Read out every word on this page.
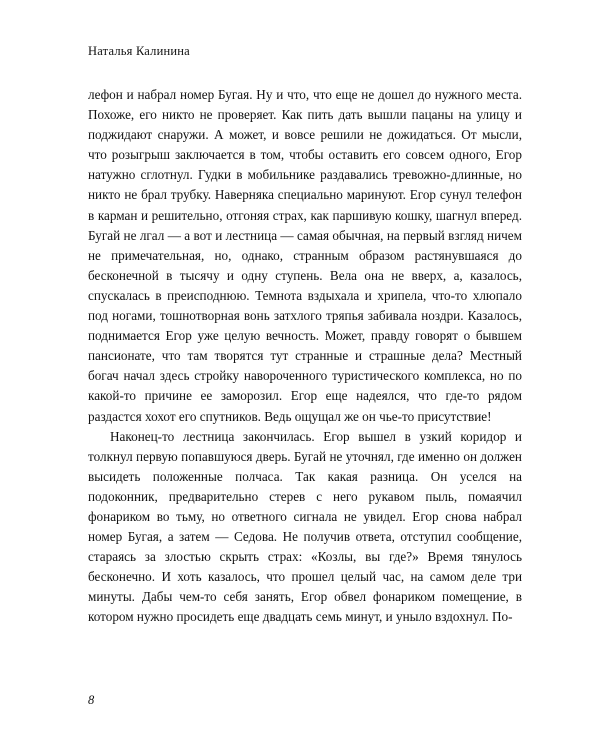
Наталья Калинина

лефон и набрал номер Бугая. Ну и что, что еще не дошел до нужного места. Похоже, его никто не проверяет. Как пить дать вышли пацаны на улицу и поджидают снаружи. А может, и вовсе решили не дожидаться. От мысли, что розыгрыш заключается в том, чтобы оставить его совсем одного, Егор натужно сглотнул. Гудки в мобильнике раздавались тревожно-длинные, но никто не брал трубку. Наверняка специально маринуют. Егор сунул телефон в карман и решительно, отгоняя страх, как паршивую кошку, шагнул вперед. Бугай не лгал — а вот и лестница — самая обычная, на первый взгляд ничем не примечательная, но, однако, странным образом растянувшаяся до бесконечной в тысячу и одну ступень. Вела она не вверх, а, казалось, спускалась в преисподнюю. Темнота вздыхала и хрипела, что-то хлюпало под ногами, тошнотворная вонь затхлого тряпья забивала ноздри. Казалось, поднимается Егор уже целую вечность. Может, правду говорят о бывшем пансионате, что там творятся тут странные и страшные дела? Местный богач начал здесь стройку навороченного туристического комплекса, но по какой-то причине ее заморозил. Егор еще надеялся, что где-то рядом раздастся хохот его спутников. Ведь ощущал же он чье-то присутствие!

Наконец-то лестница закончилась. Егор вышел в узкий коридор и толкнул первую попавшуюся дверь. Бугай не уточнял, где именно он должен высидеть положенные полчаса. Так какая разница. Он уселся на подоконник, предварительно стерев с него рукавом пыль, помаячил фонариком во тьму, но ответного сигнала не увидел. Егор снова набрал номер Бугая, а затем — Седова. Не получив ответа, отступил сообщение, стараясь за злостью скрыть страх: «Козлы, вы где?» Время тянулось бесконечно. И хоть казалось, что прошел целый час, на самом деле три минуты. Дабы чем-то себя занять, Егор обвел фонариком помещение, в котором нужно просидеть еще двадцать семь минут, и уныло вздохнул. По-

8
